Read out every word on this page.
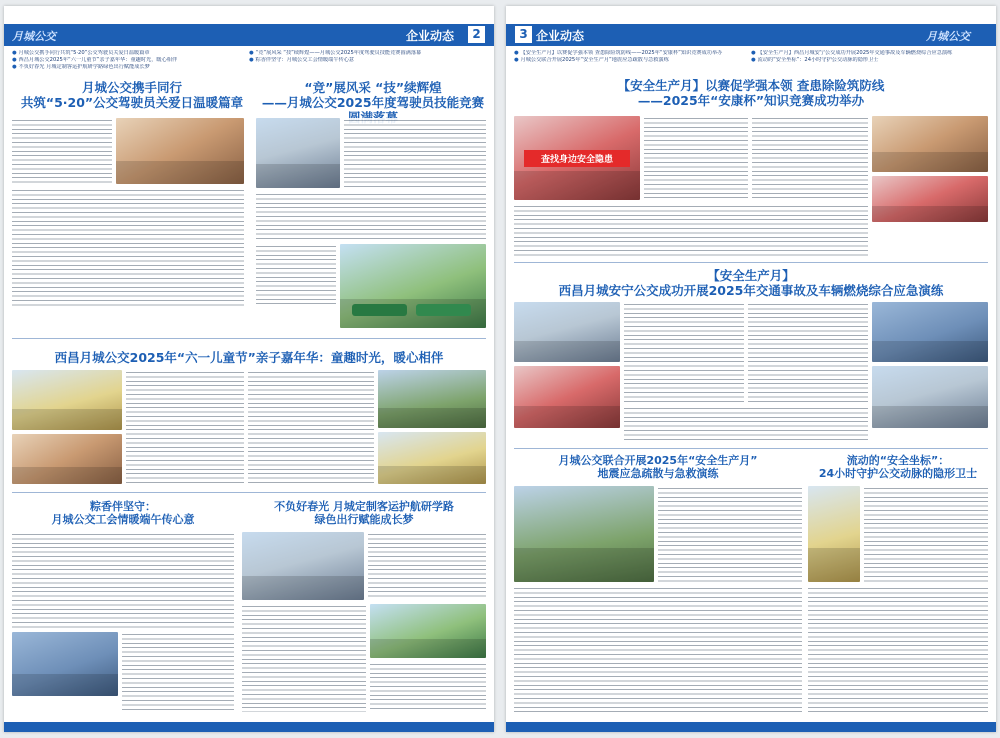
月城公交	企业动态	2
● 月城公交携手同行共筑“5·20”公交驾驶员关爱日温暖篇章	● “竞”展风采 “技”续辉煌——月城公交2025年度驾驶员技能竞赛圆满落幕
● 西昌月城公交2025年“六一儿童节”亲子嘉年华：童趣时光，暖心相伴	● 粽香伴坚守：月城公交工会情暖端午传心意
● 不负好春光 月城定制客运护航研学路绿色出行赋能成长梦
月城公交携手同行
共筑“5·20”公交驾驶员关爱日温暖篇章
“竞”展风采 “技”续辉煌
——月城公交2025年度驾驶员技能竞赛
西昌月城公交2025年“六一儿童节”亲子嘉年华：童趣时光，暖心相伴
粽香伴坚守：
月城公交工会情暖端午传心意
不负好春光 月城定制客运护航研学路
绿色出行赋能成长梦
3 企业动态	月城公交
● 【安全生产月】以赛促学强本领 查患除险筑防线——2025年“安康杯”知识竞赛成功举办	● 【安全生产月】西昌月城安宁公交成功开展2025年交通事故及车辆燃烧综合应急演练
● 月城公交联合开展2025年“安全生产月”地震应急疏散与急救演练	● 流动的“安全坐标”：24小时守护公交动脉的隐形卫士
【安全生产月】以赛促学强本领 查患除险筑防线
——2025年“安康杯”知识竞赛成功举办
查找身边安全隐患
【安全生产月】
西昌月城安宁公交成功开展2025年交通事故及车辆燃烧综合应急演练
月城公交联合开展2025年“安全生产月”
地震应急疏散与急救演练
流动的“安全坐标”：
24小时守护公交动脉的隐形卫士
